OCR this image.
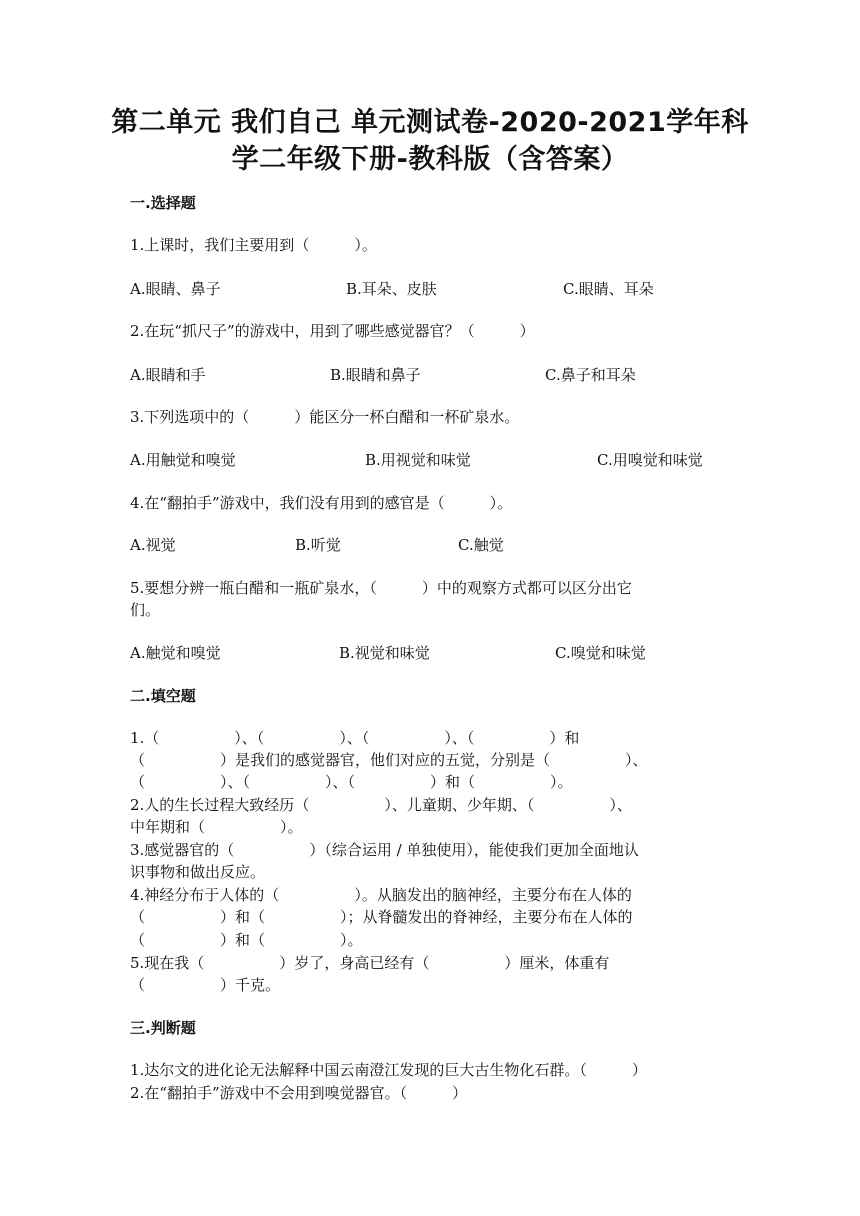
第二单元 我们自己 单元测试卷-2020-2021学年科
学二年级下册-教科版（含答案）
一.选择题
1.上课时，我们主要用到（　　　）。
A.眼睛、鼻子	B.耳朵、皮肤	C.眼睛、耳朵
2.在玩“抓尺子”的游戏中，用到了哪些感觉器官？（　　　）
A.眼睛和手	B.眼睛和鼻子	C.鼻子和耳朵
3.下列选项中的（　　　）能区分一杯白醋和一杯矿泉水。
A.用触觉和嗅觉	B.用视觉和味觉	C.用嗅觉和味觉
4.在“翻拍手”游戏中，我们没有用到的感官是（　　　）。
A.视觉	B.听觉	C.触觉
5.要想分辨一瓶白醋和一瓶矿泉水，（　　　）中的观察方式都可以区分出它
们。
A.触觉和嗅觉	B.视觉和味觉	C.嗅觉和味觉
二.填空题
1.（　　　　　）、（　　　　　）、（　　　　　）、（　　　　　）和
（　　　　　）是我们的感觉器官，他们对应的五觉，分别是（　　　　　）、
（　　　　　）、（　　　　　）、（　　　　　）和（　　　　　）。
2.人的生长过程大致经历（　　　　　）、儿童期、少年期、（　　　　　）、
中年期和（　　　　　）。
3.感觉器官的（　　　　　）（综合运用 / 单独使用），能使我们更加全面地认
识事物和做出反应。
4.神经分布于人体的（　　　　　）。从脑发出的脑神经，主要分布在人体的
（　　　　　）和（　　　　　）；从脊髓发出的脊神经，主要分布在人体的
（　　　　　）和（　　　　　）。
5.现在我（　　　　　）岁了，身高已经有（　　　　　）厘米，体重有
（　　　　　）千克。
三.判断题
1.达尔文的进化论无法解释中国云南澄江发现的巨大古生物化石群。（　　　）
2.在“翻拍手”游戏中不会用到嗅觉器官。（　　　）
